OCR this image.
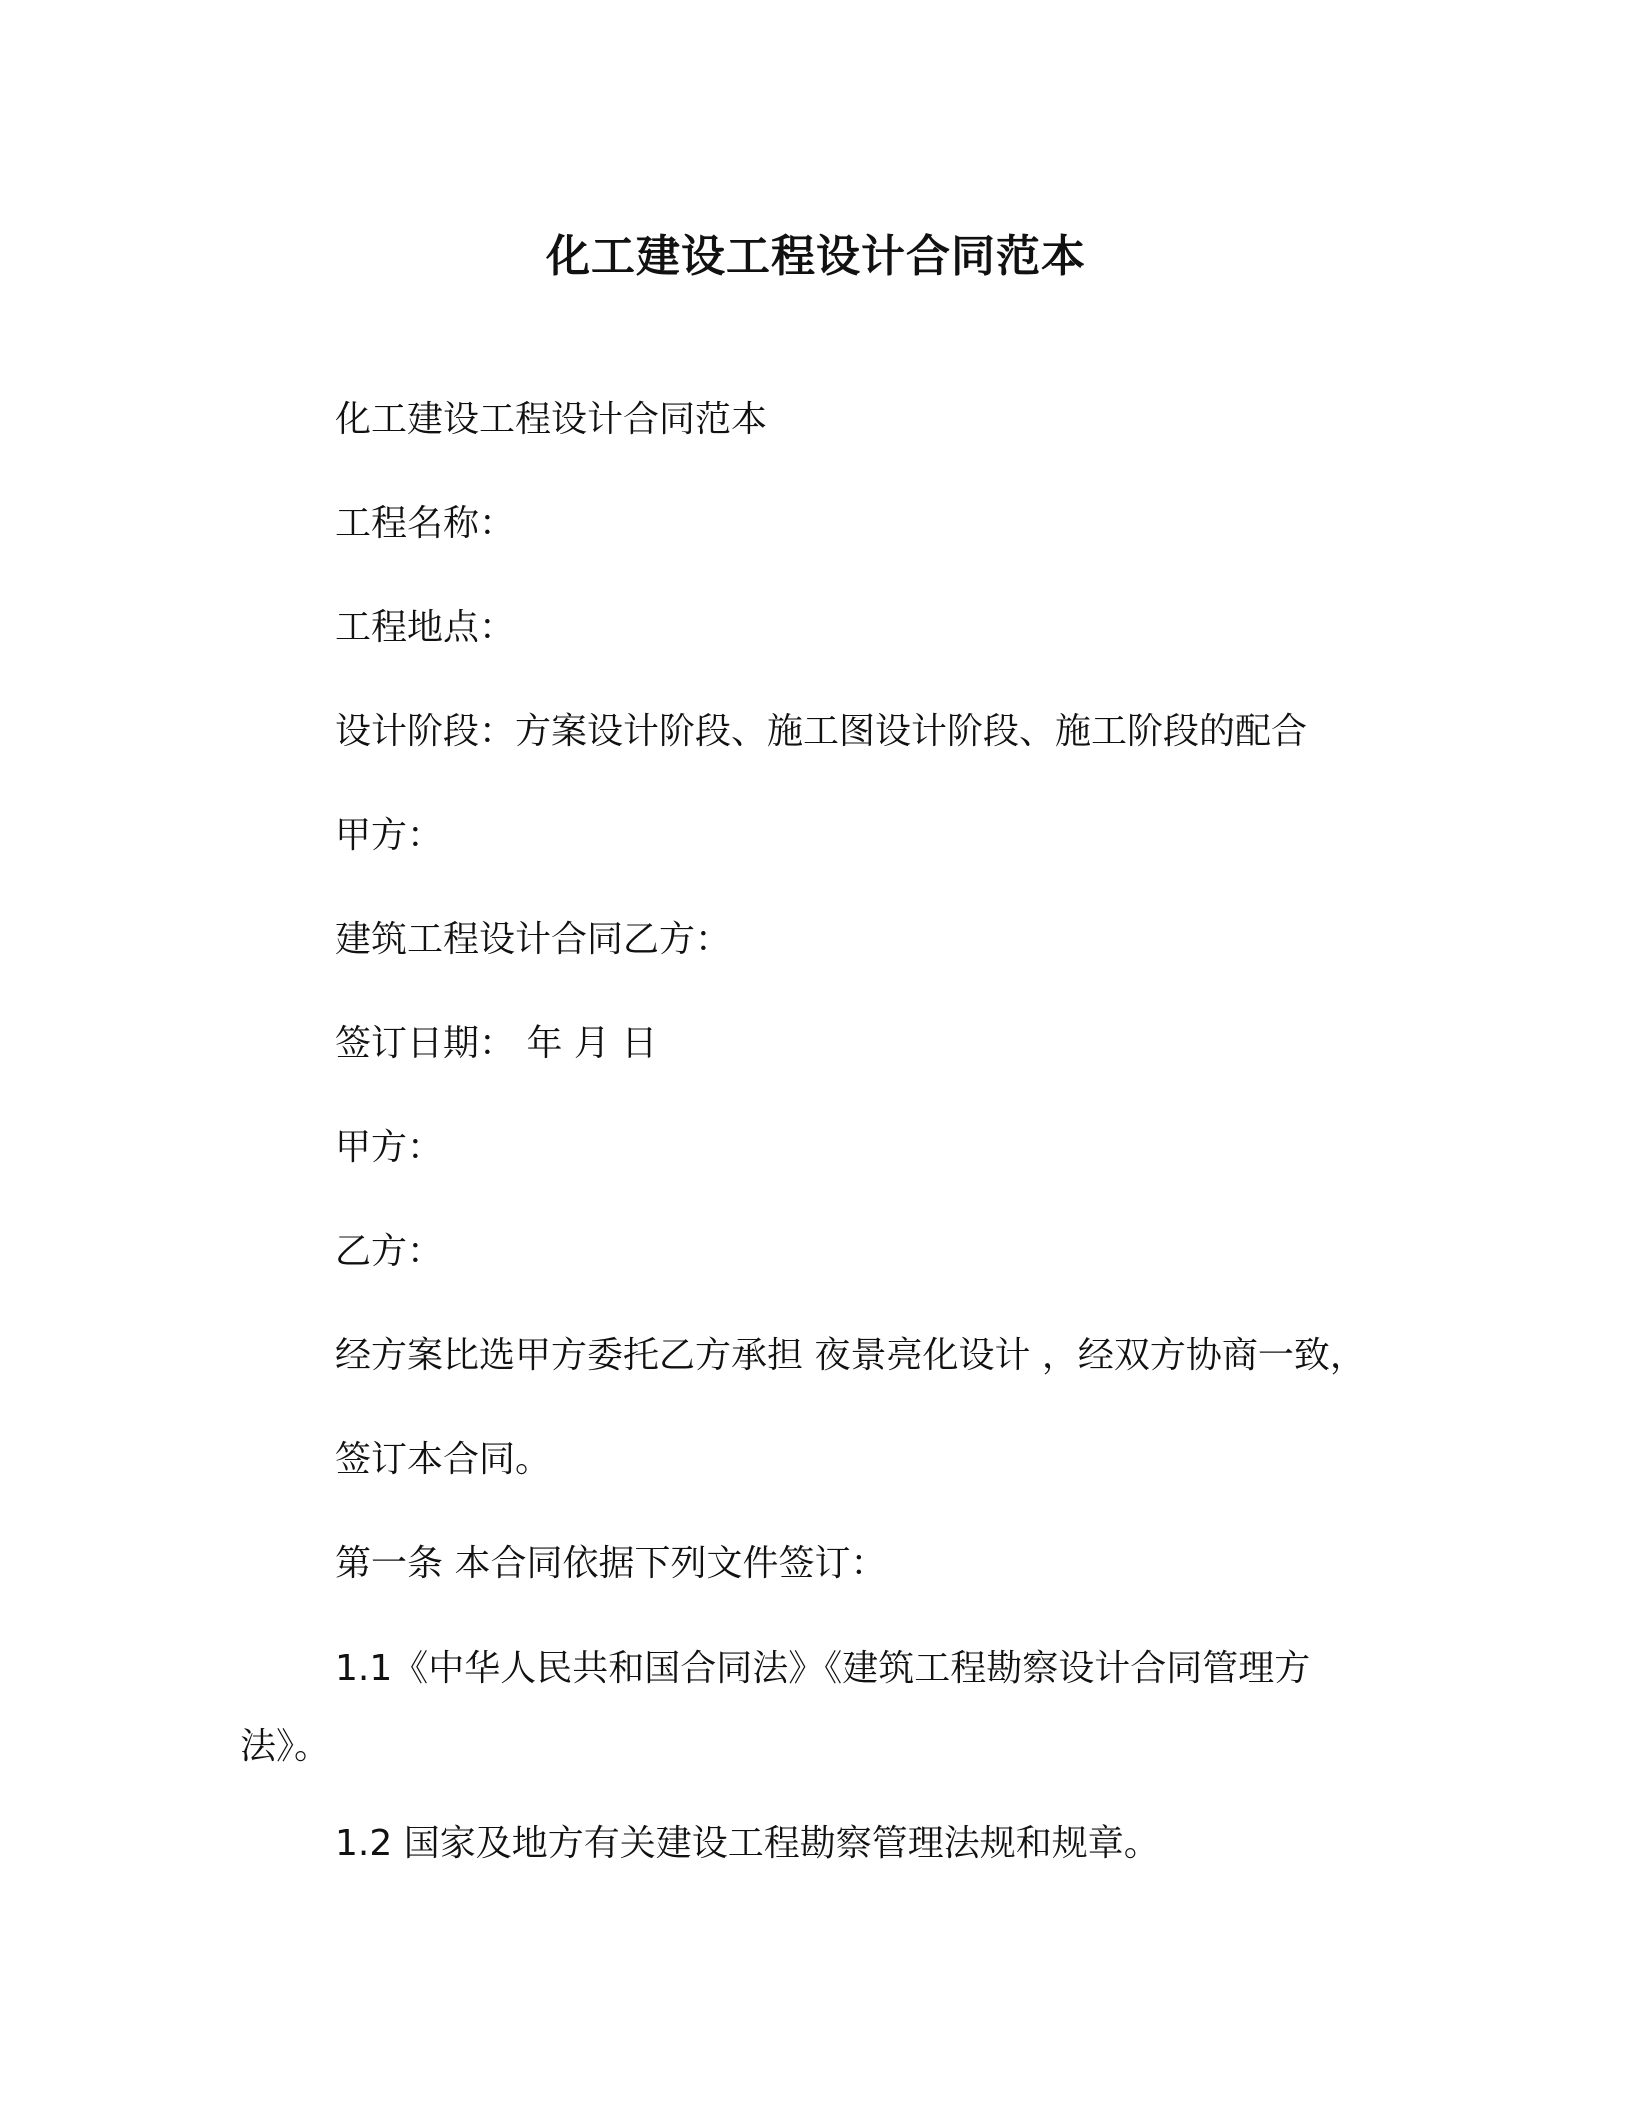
化工建设工程设计合同范本
化工建设工程设计合同范本
工程名称：
工程地点：
设计阶段：方案设计阶段、施工图设计阶段、施工阶段的配合
甲方：
建筑工程设计合同乙方：
签订日期： 年 月 日
甲方：
乙方：
经方案比选甲方委托乙方承担 夜景亮化设计 ，经双方协商一致，
签订本合同。
第一条 本合同依据下列文件签订：
1.1《中华人民共和国合同法》《建筑工程勘察设计合同管理方法》。
1.2 国家及地方有关建设工程勘察管理法规和规章。
